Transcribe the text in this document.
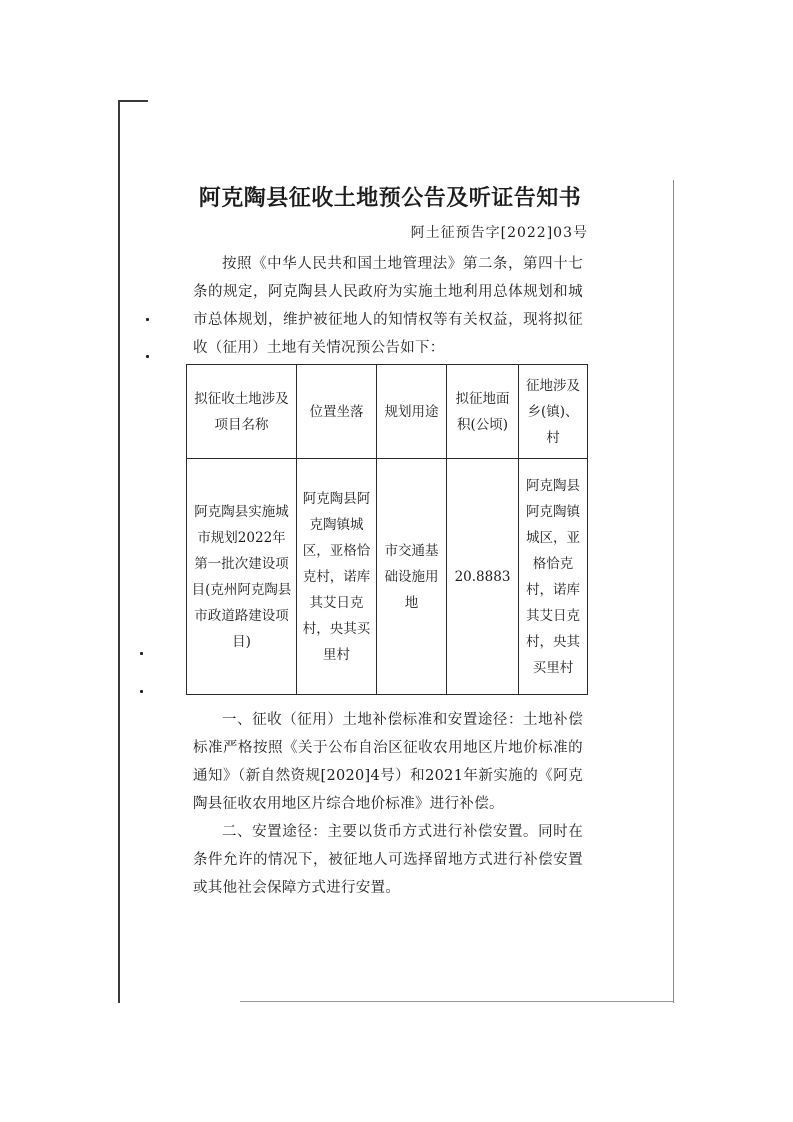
阿克陶县征收土地预公告及听证告知书
阿土征预告字[2022]03号

按照《中华人民共和国土地管理法》第二条，第四十七条的规定，阿克陶县人民政府为实施土地利用总体规划和城市总体规划，维护被征地人的知情权等有关权益，现将拟征收（征用）土地有关情况预公告如下：

拟征收土地涉及项目名称	位置坐落	规划用途	拟征地面积(公顷)	征地涉及乡(镇)、村
阿克陶县实施城市规划2022年第一批次建设项目(克州阿克陶县市政道路建设项目)	阿克陶县阿克陶镇城区，亚格恰克村，诺库其艾日克村，央其买里村	市交通基础设施用地	20.8883	阿克陶县阿克陶镇城区，亚格恰克村，诺库其艾日克村，央其买里村

一、征收（征用）土地补偿标准和安置途径：土地补偿标准严格按照《关于公布自治区征收农用地区片地价标准的通知》（新自然资规[2020]4号）和2021年新实施的《阿克陶县征收农用地区片综合地价标准》进行补偿。

二、安置途径：主要以货币方式进行补偿安置。同时在条件允许的情况下，被征地人可选择留地方式进行补偿安置或其他社会保障方式进行安置。
